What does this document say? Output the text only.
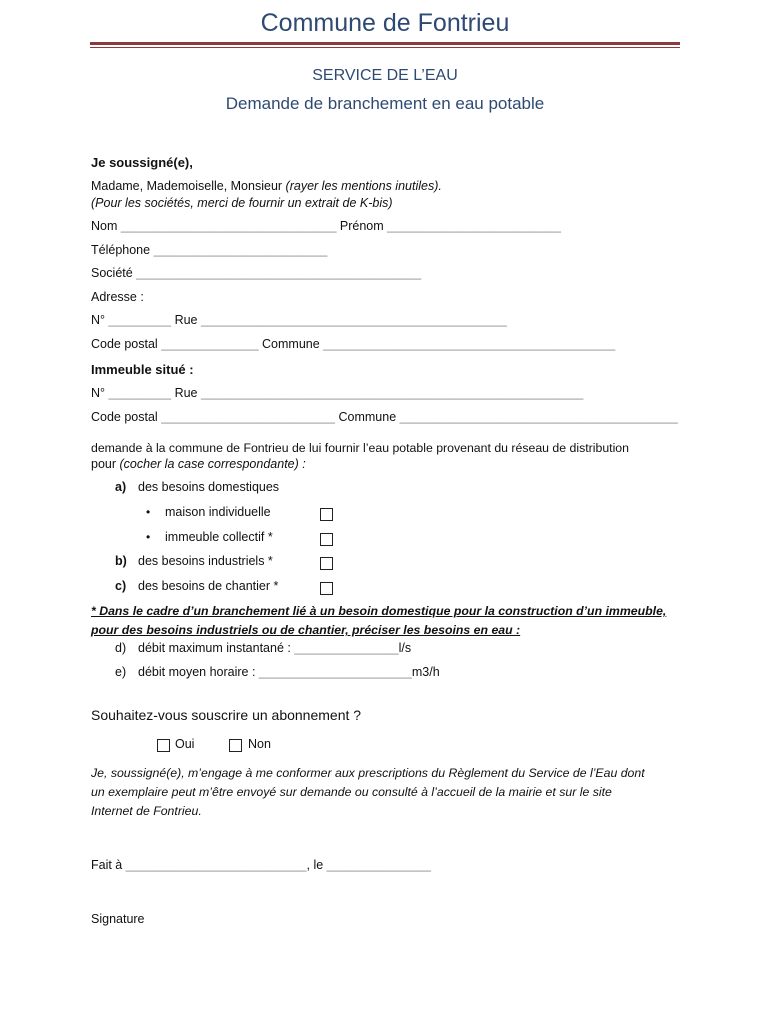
Commune de Fontrieu
SERVICE DE L’EAU
Demande de branchement en eau potable
Je soussigné(e),
Madame, Mademoiselle, Monsieur (rayer les mentions inutiles).
(Pour les sociétés, merci de fournir un extrait de K-bis)
Nom _______________________________ Prénom _________________________
Téléphone _________________________
Société _________________________________________
Adresse :
N° _________ Rue ____________________________________________
Code postal ______________ Commune __________________________________________
Immeuble situé :
N° _________ Rue _______________________________________________________
Code postal _________________________ Commune ________________________________________
demande à la commune de Fontrieu de lui fournir l’eau potable provenant du réseau de distribution
pour (cocher la case correspondante) :
a) des besoins domestiques
• maison individuelle
• immeuble collectif *
b) des besoins industriels *
c) des besoins de chantier *
* Dans le cadre d’un branchement lié à un besoin domestique pour la construction d’un immeuble,
pour des besoins industriels ou de chantier, préciser les besoins en eau :
d) débit maximum instantané : _______________l/s
e) débit moyen horaire : ______________________m3/h
Souhaitez-vous souscrire un abonnement ?
Oui	Non
Je, soussigné(e), m’engage à me conformer aux prescriptions du Règlement du Service de l’Eau dont
un exemplaire peut m’être envoyé sur demande ou consulté à l’accueil de la mairie et sur le site
Internet de Fontrieu.
Fait à __________________________, le _______________
Signature
